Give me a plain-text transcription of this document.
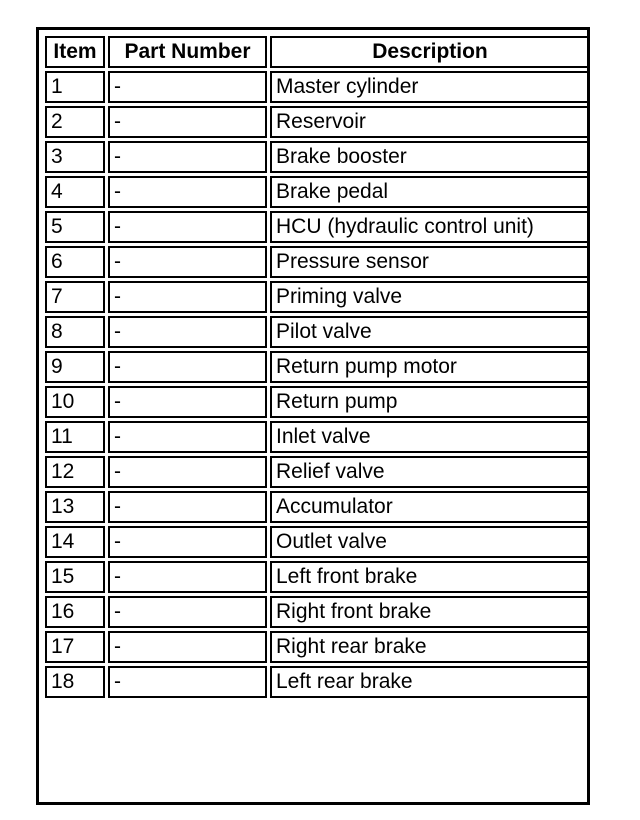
Item	Part Number	Description
1	-	Master cylinder
2	-	Reservoir
3	-	Brake booster
4	-	Brake pedal
5	-	HCU (hydraulic control unit)
6	-	Pressure sensor
7	-	Priming valve
8	-	Pilot valve
9	-	Return pump motor
10	-	Return pump
11	-	Inlet valve
12	-	Relief valve
13	-	Accumulator
14	-	Outlet valve
15	-	Left front brake
16	-	Right front brake
17	-	Right rear brake
18	-	Left rear brake
